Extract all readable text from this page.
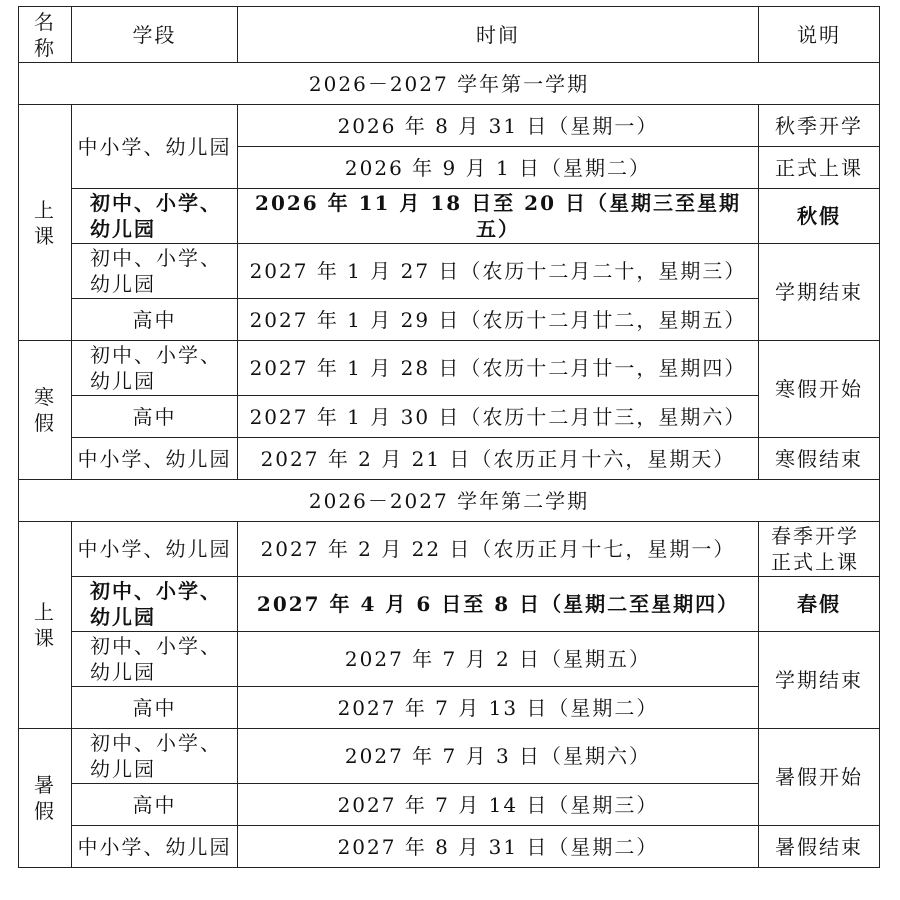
名称	学段	时间	说明
2026－2027 学年第一学期			

上课	中小学、幼儿园	2026 年 8 月 31 日（星期一）	秋季开学
		2026 年 9 月 1 日（星期二）	正式上课

	初中、小学、幼儿园	2026 年 11 月 18 日至 20 日（星期三至星期五）	秋假

	初中、小学、幼儿园	2027 年 1 月 27 日（农历十二月二十，星期三）	学期结束
	高中	2027 年 1 月 29 日（农历十二月廿二，星期五）	

寒假	初中、小学、幼儿园	2027 年 1 月 28 日（农历十二月廿一，星期四）	寒假开始
	高中	2027 年 1 月 30 日（农历十二月廿三，星期六）	
	中小学、幼儿园	2027 年 2 月 21 日（农历正月十六，星期天）	寒假结束
2026－2027 学年第二学期			

上课	中小学、幼儿园	2027 年 2 月 22 日（农历正月十七，星期一）	春季开学正式上课

	初中、小学、幼儿园	2027 年 4 月 6 日至 8 日（星期二至星期四）	春假

	初中、小学、幼儿园	2027 年 7 月 2 日（星期五）	学期结束
	高中	2027 年 7 月 13 日（星期二）	

暑假	初中、小学、幼儿园	2027 年 7 月 3 日（星期六）	暑假开始
	高中	2027 年 7 月 14 日（星期三）	
	中小学、幼儿园	2027 年 8 月 31 日（星期二）	暑假结束
